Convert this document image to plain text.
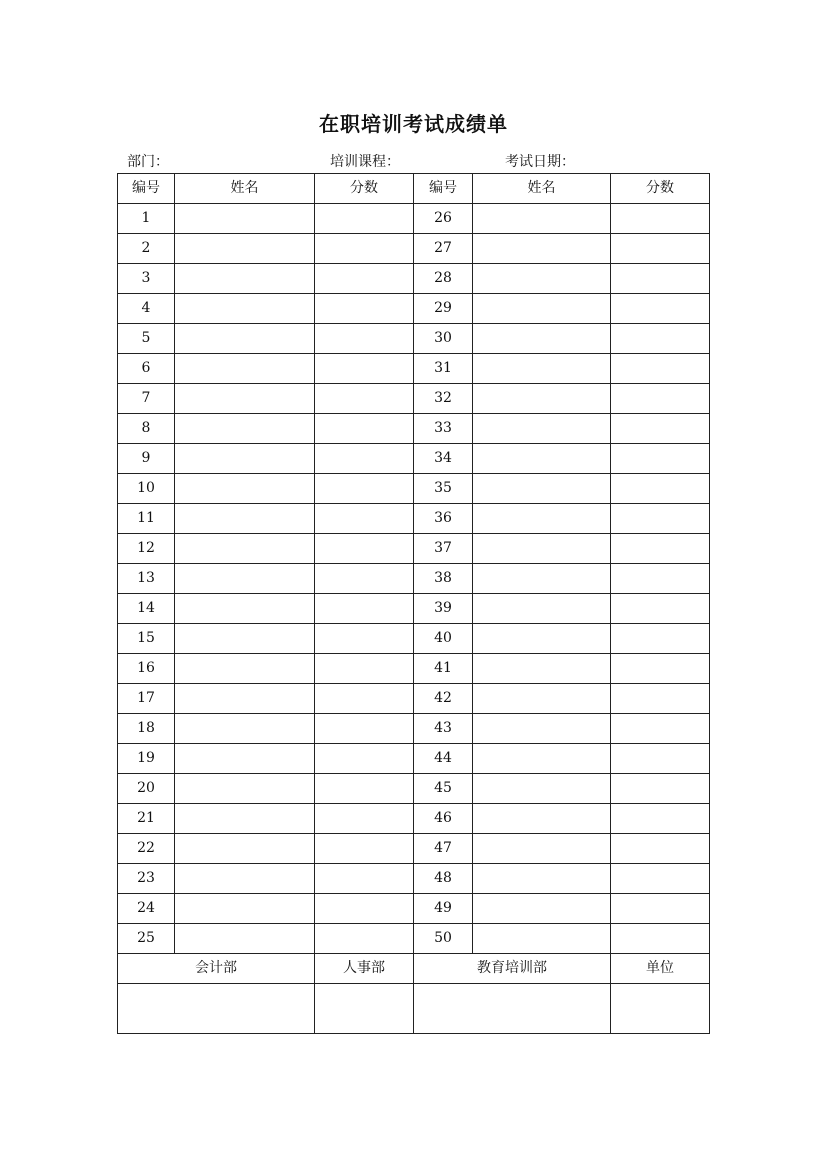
在职培训考试成绩单
部门：	培训课程：	考试日期：
编号	姓名	分数	编号	姓名	分数
1			26		
2			27		
3			28		
4			29		
5			30		
6			31		
7			32		
8			33		
9			34		
10			35		
11			36		
12			37		
13			38		
14			39		
15			40		
16			41		
17			42		
18			43		
19			44		
20			45		
21			46		
22			47		
23			48		
24			49		
25			50		
会计部		人事部	教育培训部		单位
